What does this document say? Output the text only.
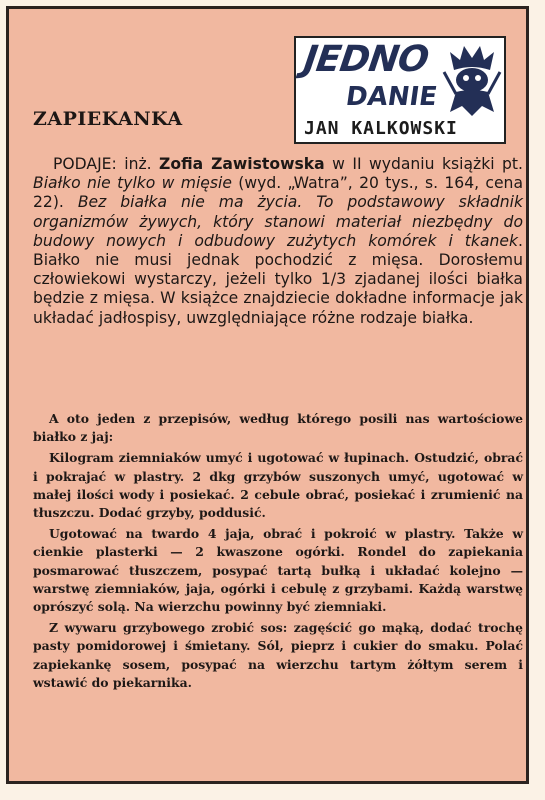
JEDNO
DANIE
JAN KALKOWSKI
ZAPIEKANKA

PODAJE: inż. Zofia Zawistowska w II wydaniu książki pt. Białko nie tylko w mięsie (wyd. „Watra”, 20 tys., s. 164, cena 22). Bez białka nie ma życia. To podstawowy składnik organizmów żywych, który stanowi materiał niezbędny do budowy nowych i odbudowy zużytych komórek i tkanek. Białko nie musi jednak pochodzić z mięsa. Dorosłemu człowiekowi wystarczy, jeżeli tylko 1/3 zjadanej ilości białka będzie z mięsa. W książce znajdziecie dokładne informacje jak układać jadłospisy, uwzględniające różne rodzaje białka.

A oto jeden z przepisów, według którego posili nas wartościowe białko z jaj:

Kilogram ziemniaków umyć i ugotować w łupinach. Ostudzić, obrać i pokrajać w plastry. 2 dkg grzybów suszonych umyć, ugotować w małej ilości wody i posiekać. 2 cebule obrać, posiekać i zrumienić na tłuszczu. Dodać grzyby, poddusić.

Ugotować na twardo 4 jaja, obrać i pokroić w plastry. Także w cienkie plasterki — 2 kwaszone ogórki. Rondel do zapiekania posmarować tłuszczem, posypać tartą bułką i układać kolejno — warstwę ziemniaków, jaja, ogórki i cebulę z grzybami. Każdą warstwę oprószyć solą. Na wierzchu powinny być ziemniaki.

Z wywaru grzybowego zrobić sos: zagęścić go mąką, dodać trochę pasty pomidorowej i śmietany. Sól, pieprz i cukier do smaku. Polać zapiekankę sosem, posypać na wierzchu tartym żółtym serem i wstawić do piekarnika.
